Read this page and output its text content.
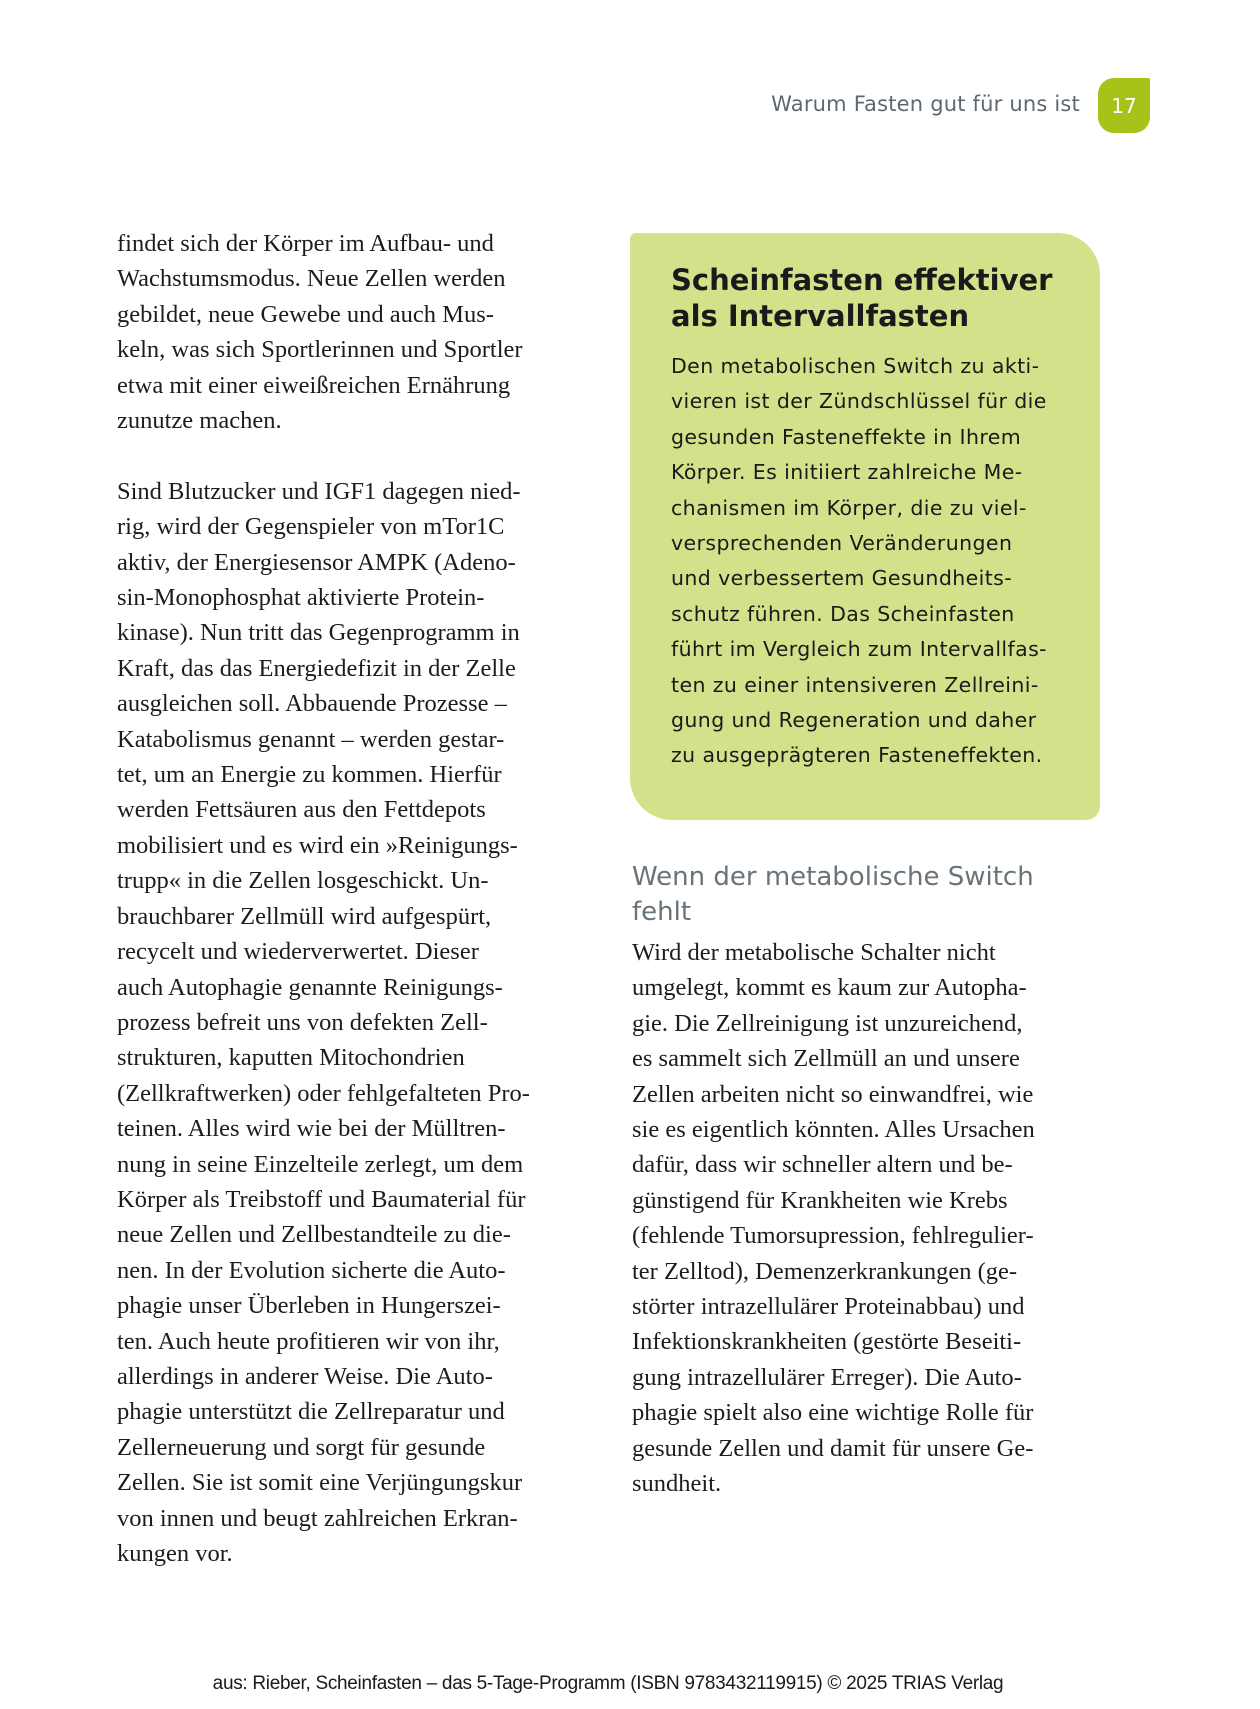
Warum Fasten gut für uns ist 17
findet sich der Körper im Aufbau- und
Wachstumsmodus. Neue Zellen werden
gebildet, neue Gewebe und auch Mus-
keln, was sich Sportlerinnen und Sportler
etwa mit einer eiweißreichen Ernährung
zunutze machen.
Sind Blutzucker und IGF1 dagegen nied-
rig, wird der Gegenspieler von mTor1C
aktiv, der Energiesensor AMPK (Adeno-
sin-Monophosphat aktivierte Protein-
kinase). Nun tritt das Gegenprogramm in
Kraft, das das Energiedefizit in der Zelle
ausgleichen soll. Abbauende Prozesse –
Katabolismus genannt – werden gestar-
tet, um an Energie zu kommen. Hierfür
werden Fettsäuren aus den Fettdepots
mobilisiert und es wird ein »Reinigungs-
trupp« in die Zellen losgeschickt. Un-
brauchbarer Zellmüll wird aufgespürt,
recycelt und wiederverwertet. Dieser
auch Autophagie genannte Reinigungs-
prozess befreit uns von defekten Zell-
strukturen, kaputten Mitochondrien
(Zellkraftwerken) oder fehlgefalteten Pro-
teinen. Alles wird wie bei der Mülltren-
nung in seine Einzelteile zerlegt, um dem
Körper als Treibstoff und Baumaterial für
neue Zellen und Zellbestandteile zu die-
nen. In der Evolution sicherte die Auto-
phagie unser Überleben in Hungerszei-
ten. Auch heute profitieren wir von ihr,
allerdings in anderer Weise. Die Auto-
phagie unterstützt die Zellreparatur und
Zellerneuerung und sorgt für gesunde
Zellen. Sie ist somit eine Verjüngungskur
von innen und beugt zahlreichen Erkran-
kungen vor.
Scheinfasten effektiver
als Intervallfasten
Den metabolischen Switch zu akti-
vieren ist der Zündschlüssel für die
gesunden Fasteneffekte in Ihrem
Körper. Es initiiert zahlreiche Me-
chanismen im Körper, die zu viel-
versprechenden Veränderungen
und verbessertem Gesundheits-
schutz führen. Das Scheinfasten
führt im Vergleich zum Intervallfas-
ten zu einer intensiveren Zellreini-
gung und Regeneration und daher
zu ausgeprägteren Fasteneffekten.
Wenn der metabolische Switch
fehlt
Wird der metabolische Schalter nicht
umgelegt, kommt es kaum zur Autopha-
gie. Die Zellreinigung ist unzureichend,
es sammelt sich Zellmüll an und unsere
Zellen arbeiten nicht so einwandfrei, wie
sie es eigentlich könnten. Alles Ursachen
dafür, dass wir schneller altern und be-
günstigend für Krankheiten wie Krebs
(fehlende Tumorsupression, fehlregulier-
ter Zelltod), Demenzerkrankungen (ge-
störter intrazellulärer Proteinabbau) und
Infektionskrankheiten (gestörte Beseiti-
gung intrazellulärer Erreger). Die Auto-
phagie spielt also eine wichtige Rolle für
gesunde Zellen und damit für unsere Ge-
sundheit.
aus: Rieber, Scheinfasten – das 5-Tage-Programm (ISBN 9783432119915) © 2025 TRIAS Verlag
